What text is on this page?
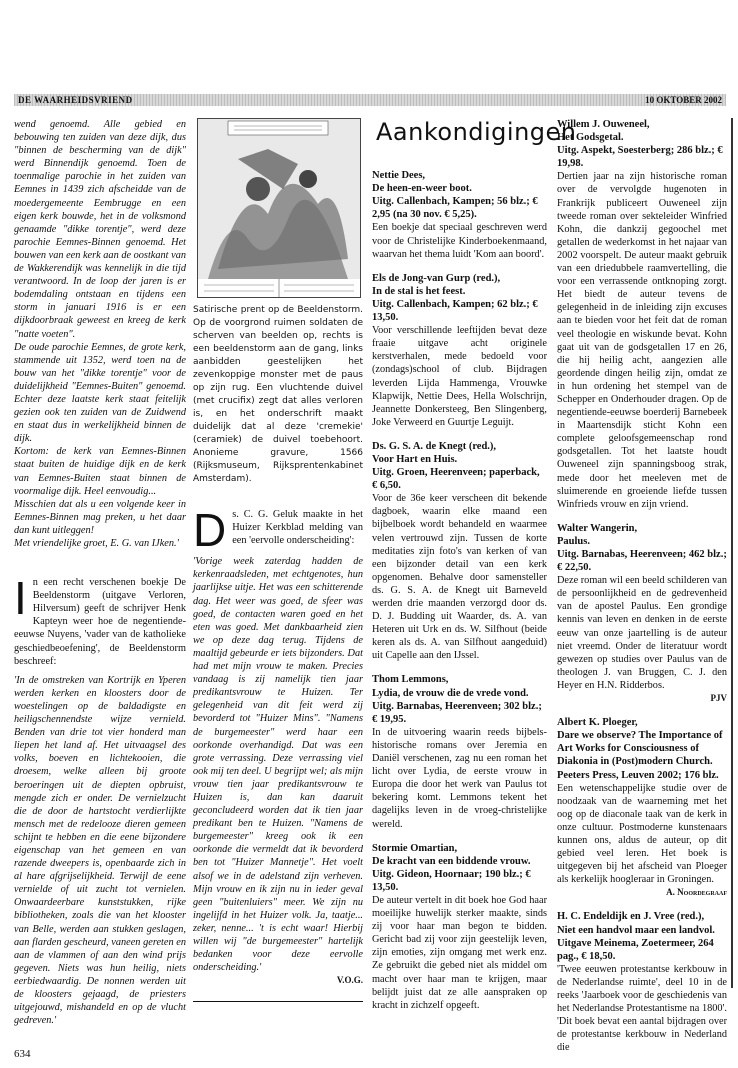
DE WAARHEIDSVRIEND	10 OKTOBER 2002

wend genoemd. Alle gebied en bebouwing ten zuiden van deze dijk, dus "binnen de bescherming van de dijk" werd Binnendijk genoemd. Toen de toenmalige parochie in het zuiden van Eemnes in 1439 zich afscheidde van de moedergemeente Eembrugge en een eigen kerk bouwde, het in de volksmond genaamde "dikke torentje", werd deze parochie Eemnes-Binnen genoemd. Het bouwen van een kerk aan de oostkant van de Wakkerendijk was kennelijk in die tijd verantwoord. In de loop der jaren is er bodemdaling ontstaan en tijdens een storm in januari 1916 is er een dijkdoorbraak geweest en kreeg de kerk "natte voeten".

De oude parochie Eemnes, de grote kerk, stammende uit 1352, werd toen na de bouw van het "dikke torentje" voor de duidelijkheid "Eemnes-Buiten" genoemd. Echter deze laatste kerk staat feitelijk gezien ook ten zuiden van de Zuidwend en staat dus in werkelijkheid binnen de dijk.

Kortom: de kerk van Eemnes-Binnen staat buiten de huidige dijk en de kerk van Eemnes-Buiten staat binnen de voormalige dijk. Heel eenvoudig...

Misschien dat als u een volgende keer in Eemnes-Binnen mag preken, u het daar dan kunt uitleggen!

Met vriendelijke groet, E. G. van IJken.'

I n een recht verschenen boekje De Beeldenstorm (uitgave Verloren, Hilversum) geeft de schrijver Henk Kapteyn weer hoe de negentiende-eeuwse Nuyens, 'vader van de katholieke geschiedbeoefening', de Beeldenstorm beschreef:

'In de omstreken van Kortrijk en Yperen werden kerken en kloosters door de woestelingen op de baldadigste en heiligschennendste wijze vernield. Benden van drie tot vier honderd man liepen het land af. Het uitvaagsel des volks, boeven en lichtekooien, die droesem, welke alleen bij groote beroeringen uit de diepten opbruist, mengde zich er onder. De vernielzucht die de door de hartstocht verdierlijkte mensch met de redelooze dieren gemeen schijnt te hebben en die eene bijzondere eigenschap van het gemeen en van razende dweepers is, openbaarde zich in al hare afgrijselijkheid. Terwijl de eene vernielde of uit zucht tot vernielen. Onwaardeerbare kunststukken, rijke bibliotheken, zoals die van het klooster van Belle, werden aan stukken geslagen, aan flarden gescheurd, vaneen gereten en aan de vlammen of aan den wind prijs gegeven. Niets was hun heilig, niets eerbiedwaardig. De nonnen werden uit de kloosters gejaagd, de priesters uitgejouwd, mishandeld en op de vlucht gedreven.'

Satirische prent op de Beeldenstorm. Op de voorgrond ruimen soldaten de scherven van beelden op, rechts is een beeldenstorm aan de gang, links aanbidden geestelijken het zevenkoppige monster met de paus op zijn rug. Een vluchtende duivel (met crucifix) zegt dat alles verloren is, en het onderschrift maakt duidelijk dat al deze 'cremekie' (ceramiek) de duivel toebehoort. Anonieme gravure, 1566 (Rijksmuseum, Rijksprentenkabinet Amsterdam).

D s. C. G. Geluk maakte in het Huizer Kerkblad melding van een 'eervolle onderscheiding':

'Vorige week zaterdag hadden de kerkenraadsleden, met echtgenotes, hun jaarlijkse uitje. Het was een schitterende dag. Het weer was goed, de sfeer was goed, de contacten waren goed en het eten was goed. Met dankbaarheid zien we op deze dag terug. Tijdens de maaltijd gebeurde er iets bijzonders. Dat had met mijn vrouw te maken. Precies vandaag is zij namelijk tien jaar predikantsvrouw te Huizen. Ter gelegenheid van dit feit werd zij bevorderd tot "Huizer Mins". "Namens de burgemeester" werd haar een oorkonde overhandigd. Dat was een grote verrassing. Deze verrassing viel ook mij ten deel. U begrijpt wel; als mijn vrouw tien jaar predikantsvrouw te Huizen is, dan kan daaruit geconcludeerd worden dat ik tien jaar predikant ben te Huizen. "Namens de burgemeester" kreeg ook ik een oorkonde die vermeldt dat ik bevorderd ben tot "Huizer Mannetje". Het voelt alsof we in de adelstand zijn verheven. Mijn vrouw en ik zijn nu in ieder geval geen "buitenluiers" meer. We zijn nu ingelijfd in het Huizer volk. Ja, taatje... zeker, nenne... 't is echt waar! Hierbij willen wij "de burgemeester" hartelijk bedanken voor deze eervolle onderscheiding.'

V.O.G.

Aankondigingen
Nettie Dees,
De heen-en-weer boot.
Uitg. Callenbach, Kampen; 56 blz.; € 2,95 (na 30 nov. € 5,25).

Een boekje dat speciaal geschreven werd voor de Christelijke Kinderboekenmaand, waarvan het thema luidt 'Kom aan boord'.

Els de Jong-van Gurp (red.),
In de stal is het feest.
Uitg. Callenbach, Kampen; 62 blz.; € 13,50.

Voor verschillende leeftijden bevat deze fraaie uitgave acht originele kerstverhalen, mede bedoeld voor (zondags)school of club. Bijdragen leverden Lijda Hammenga, Vrouwke Klapwijk, Nettie Dees, Hella Wolschrijn, Jeannette Donkersteeg, Ben Slingenberg, Joke Verweerd en Guurtje Leguijt.

Ds. G. S. A. de Knegt (red.),
Voor Hart en Huis.
Uitg. Groen, Heerenveen; paperback, € 6,50.

Voor de 36e keer verscheen dit bekende dagboek, waarin elke maand een bijbelboek wordt behandeld en waarmee velen vertrouwd zijn. Tussen de korte meditaties zijn foto's van kerken of van een bijzonder detail van een kerk opgenomen. Behalve door samensteller ds. G. S. A. de Knegt uit Barneveld werden drie maanden verzorgd door ds. D. J. Budding uit Waarder, ds. A. van Heteren uit Urk en ds. W. Silfhout (beide keren als ds. A. van Silfhout aangeduid) uit Capelle aan den IJssel.

Thom Lemmons,
Lydia, de vrouw die de vrede vond.
Uitg. Barnabas, Heerenveen; 302 blz.; € 19,95.

In de uitvoering waarin reeds bijbels-historische romans over Jeremia en Daniël verschenen, zag nu een roman het licht over Lydia, de eerste vrouw in Europa die door het werk van Paulus tot bekering komt. Lemmons tekent het dagelijks leven in de vroeg-christelijke wereld.

Stormie Omartian,
De kracht van een biddende vrouw.
Uitg. Gideon, Hoornaar; 190 blz.; € 13,50.

De auteur vertelt in dit boek hoe God haar moeilijke huwelijk sterker maakte, sinds zij voor haar man begon te bidden. Gericht bad zij voor zijn geestelijk leven, zijn emoties, zijn omgang met werk enz. Ze gebruikt die gebed niet als middel om macht over haar man te krijgen, maar belijdt juist dat ze alle aanspraken op kracht in zichzelf opgeeft.

Willem J. Ouweneel,
Het Godsgetal.
Uitg. Aspekt, Soesterberg; 286 blz.; € 19,98.

Dertien jaar na zijn historische roman over de vervolgde hugenoten in Frankrijk publiceert Ouweneel zijn tweede roman over sekteleider Winfried Kohn, die dankzij gegoochel met getallen de wederkomst in het najaar van 2002 voorspelt. De auteur maakt gebruik van een driedubbele raamvertelling, die voor een verrassende ontknoping zorgt. Het biedt de auteur tevens de gelegenheid in de inleiding zijn excuses aan te bieden voor het feit dat de roman veel theologie en wiskunde bevat. Kohn gaat uit van de godsgetallen 17 en 26, die hij heilig acht, aangezien alle geordende dingen heilig zijn, omdat ze in hun ordening het stempel van de Schepper en Onderhouder dragen. Op de negentiende-eeuwse boerderij Barnebeek in Maartensdijk sticht Kohn een complete geloofsgemeenschap rond godsgetallen. Tot het laatste houdt Ouweneel zijn spanningsboog strak, mede door het meeleven met de sluimerende en groeiende liefde tussen Winfrieds vrouw en zijn vriend.

Walter Wangerin,
Paulus.
Uitg. Barnabas, Heerenveen; 462 blz.; € 22,50.

Deze roman wil een beeld schilderen van de persoonlijkheid en de gedrevenheid van de apostel Paulus. Een grondige kennis van leven en denken in de eerste eeuw van onze jaartelling is de auteur niet vreemd. Onder de literatuur wordt gewezen op studies over Paulus van de theologen J. van Bruggen, C. J. den Heyer en H.N. Ridderbos.

PJV
Albert K. Ploeger,
Dare we observe? The Importance of Art Works for Consciousness of Diakonia in (Post)modern Church.
Peeters Press, Leuven 2002; 176 blz.

Een wetenschappelijke studie over de noodzaak van de waarneming met het oog op de diaconale taak van de kerk in onze cultuur. Postmoderne kunstenaars kunnen ons, aldus de auteur, op dit gebied veel leren. Het boek is uitgegeven bij het afscheid van Ploeger als kerkelijk hoogleraar in Groningen.

A. Noordegraaf
H. C. Endeldijk en J. Vree (red.),
Niet een handvol maar een landvol.
Uitgave Meinema, Zoetermeer, 264 pag., € 18,50.

'Twee eeuwen protestantse kerkbouw in de Nederlandse ruimte', deel 10 in de reeks 'Jaarboek voor de geschiedenis van het Nederlandse Protestantisme na 1800'. 'Dit boek bevat een aantal bijdragen over de protestantse kerkbouw in Nederland die

634
